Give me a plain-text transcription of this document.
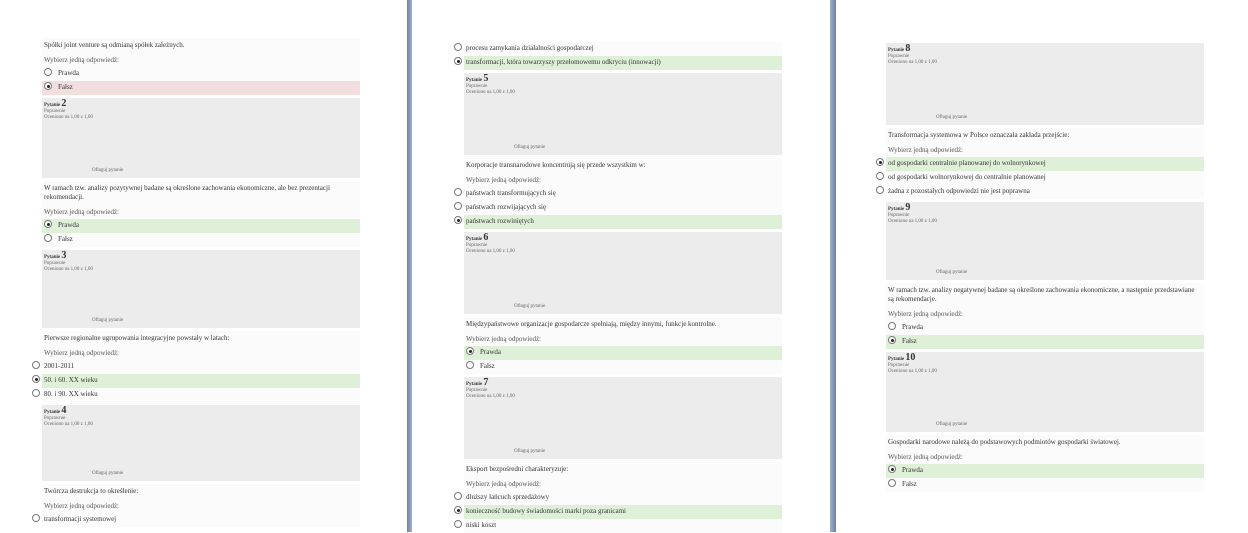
Spółki joint venture są odmianą spółek zależnych.
Wybierz jedną odpowiedź:
Prawda
Fałsz
Pytanie 2
Poprawnie
Oceniono na 1,00 z 1,00
Oflaguj pytanie
W ramach tzw. analizy pozytywnej badane są określone zachowania ekonomiczne, ale bez prezentacji rekomendacji.
Wybierz jedną odpowiedź:
Prawda
Fałsz
Pytanie 3
Poprawnie
Oceniono na 1,00 z 1,00
Oflaguj pytanie
Pierwsze regionalne ugrupowania integracyjne powstały w latach:
Wybierz jedną odpowiedź:
2001-2011
50. i 60. XX wieku
80. i 90. XX wieku
Pytanie 4
Poprawnie
Oceniono na 1,00 z 1,00
Oflaguj pytanie
Twórcza destrukcja to określenie:
Wybierz jedną odpowiedź:
transformacji systemowej
procesu zamykania działalności gospodarczej
transformacji, która towarzyszy przełomowemu odkryciu (innowacji)
Pytanie 5
Poprawnie
Oceniono na 1,00 z 1,00
Oflaguj pytanie
Korporacje transnarodowe koncentrują się przede wszystkim w:
Wybierz jedną odpowiedź:
państwach transformujących się
państwach rozwijających się
państwach rozwiniętych
Pytanie 6
Poprawnie
Oceniono na 1,00 z 1,00
Oflaguj pytanie
Międzypaństwowe organizacje gospodarcze spełniają, między innymi, funkcje kontrolne.
Wybierz jedną odpowiedź:
Prawda
Fałsz
Pytanie 7
Poprawnie
Oceniono na 1,00 z 1,00
Oflaguj pytanie
Eksport bezpośredni charakteryzuje:
Wybierz jedną odpowiedź:
dłuższy łańcuch sprzedażowy
konieczność budowy świadomości marki poza granicami
niski koszt
Pytanie 8
Poprawnie
Oceniono na 1,00 z 1,00
Oflaguj pytanie
Transformacja systemowa w Polsce oznaczała zakłada przejście:
Wybierz jedną odpowiedź:
od gospodarki centralnie planowanej do wolnorynkowej
od gospodarki wolnorynkowej do centralnie planowanej
żadna z pozostałych odpowiedzi nie jest poprawna
Pytanie 9
Poprawnie
Oceniono na 1,00 z 1,00
Oflaguj pytanie
W ramach tzw. analizy negatywnej badane są określone zachowania ekonomiczne, a następnie przedstawiane są rekomendacje.
Wybierz jedną odpowiedź:
Prawda
Fałsz
Pytanie 10
Poprawnie
Oceniono na 1,00 z 1,00
Oflaguj pytanie
Gospodarki narodowe należą do podstawowych podmiotów gospodarki światowej.
Wybierz jedną odpowiedź:
Prawda
Fałsz
